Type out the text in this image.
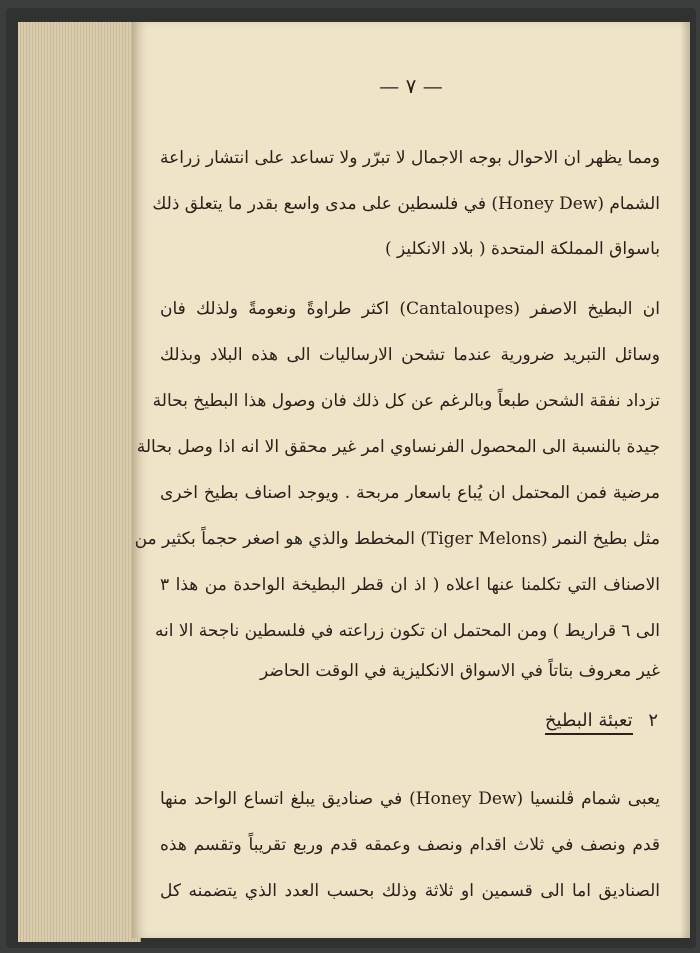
— ٧ —
ومما يظهر ان الاحوال بوجه الاجمال لا تبرّر ولا تساعد على انتشار زراعة
الشمام (Honey Dew) في فلسطين على مدى واسع بقدر ما يتعلق ذلك
باسواق المملكة المتحدة ( بلاد الانكليز )
ان البطيخ الاصفر (Cantaloupes) اكثر طراوةً ونعومةً ولذلك فان
وسائل التبريد ضرورية عندما تشحن الارساليات الى هذه البلاد وبذلك
تزداد نفقة الشحن طبعاً وبالرغم عن كل ذلك فان وصول هذا البطيخ بحالة
جيدة بالنسبة الى المحصول الفرنساوي امر غير محقق الا انه اذا وصل بحالة
مرضية فمن المحتمل ان يُباع باسعار مربحة . ويوجد اصناف بطيخ اخرى
مثل بطيخ النمر (Tiger Melons) المخطط والذي هو اصغر حجماً بكثير من
الاصناف التي تكلمنا عنها اعلاه ( اذ ان قطر البطيخة الواحدة من هذا ٣
الى ٦ قراريط ) ومن المحتمل ان تكون زراعته في فلسطين ناجحة الا انه
غير معروف بتاتاً في الاسواق الانكليزية في الوقت الحاضر
٢ تعبئة البطيخ
يعبى شمام ڤلنسيا (Honey Dew) في صناديق يبلغ اتساع الواحد منها
قدم ونصف في ثلاث اقدام ونصف وعمقه قدم وربع تقريباً وتقسم هذه
الصناديق اما الى قسمين او ثلاثة وذلك بحسب العدد الذي يتضمنه كل
